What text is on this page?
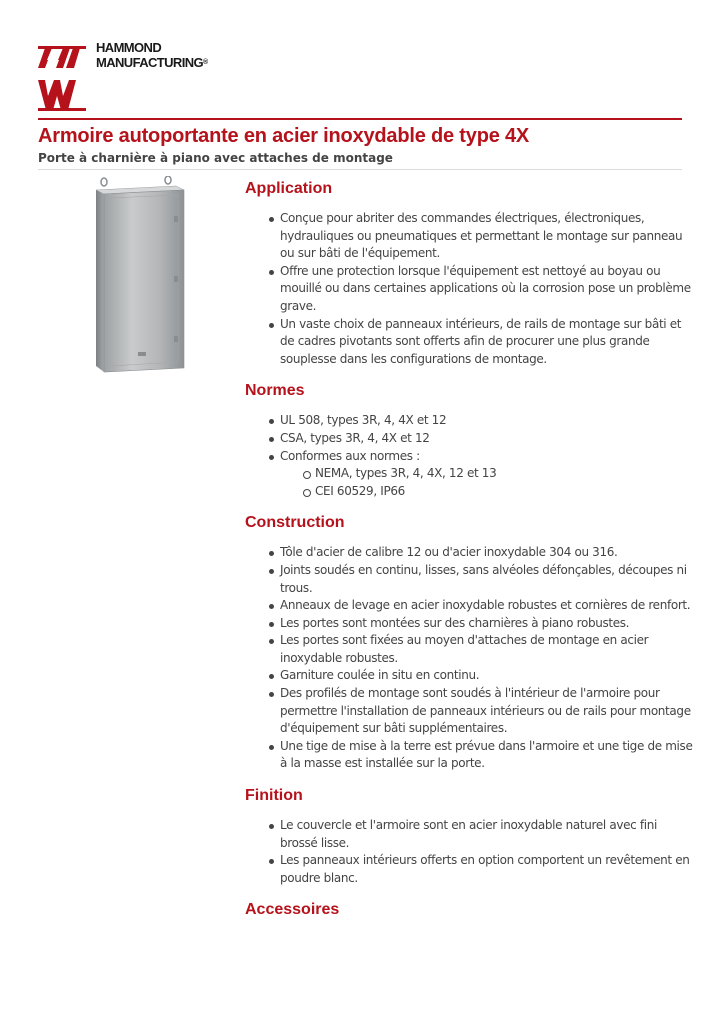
HAMMOND
MANUFACTURING®
Armoire autoportante en acier inoxydable de type 4X
Porte à charnière à piano avec attaches de montage
Application
Conçue pour abriter des commandes électriques, électroniques, hydrauliques ou pneumatiques et permettant le montage sur panneau ou sur bâti de l'équipement.
Offre une protection lorsque l'équipement est nettoyé au boyau ou mouillé ou dans certaines applications où la corrosion pose un problème grave.
Un vaste choix de panneaux intérieurs, de rails de montage sur bâti et de cadres pivotants sont offerts afin de procurer une plus grande souplesse dans les configurations de montage.
Normes
UL 508, types 3R, 4, 4X et 12
CSA, types 3R, 4, 4X et 12
Conformes aux normes :
NEMA, types 3R, 4, 4X, 12 et 13
CEI 60529, IP66
Construction
Tôle d'acier de calibre 12 ou d'acier inoxydable 304 ou 316.
Joints soudés en continu, lisses, sans alvéoles défonçables, découpes ni trous.
Anneaux de levage en acier inoxydable robustes et cornières de renfort.
Les portes sont montées sur des charnières à piano robustes.
Les portes sont fixées au moyen d'attaches de montage en acier inoxydable robustes.
Garniture coulée in situ en continu.
Des profilés de montage sont soudés à l'intérieur de l'armoire pour permettre l'installation de panneaux intérieurs ou de rails pour montage d'équipement sur bâti supplémentaires.
Une tige de mise à la terre est prévue dans l'armoire et une tige de mise à la masse est installée sur la porte.
Finition
Le couvercle et l'armoire sont en acier inoxydable naturel avec fini brossé lisse.
Les panneaux intérieurs offerts en option comportent un revêtement en poudre blanc.
Accessoires
